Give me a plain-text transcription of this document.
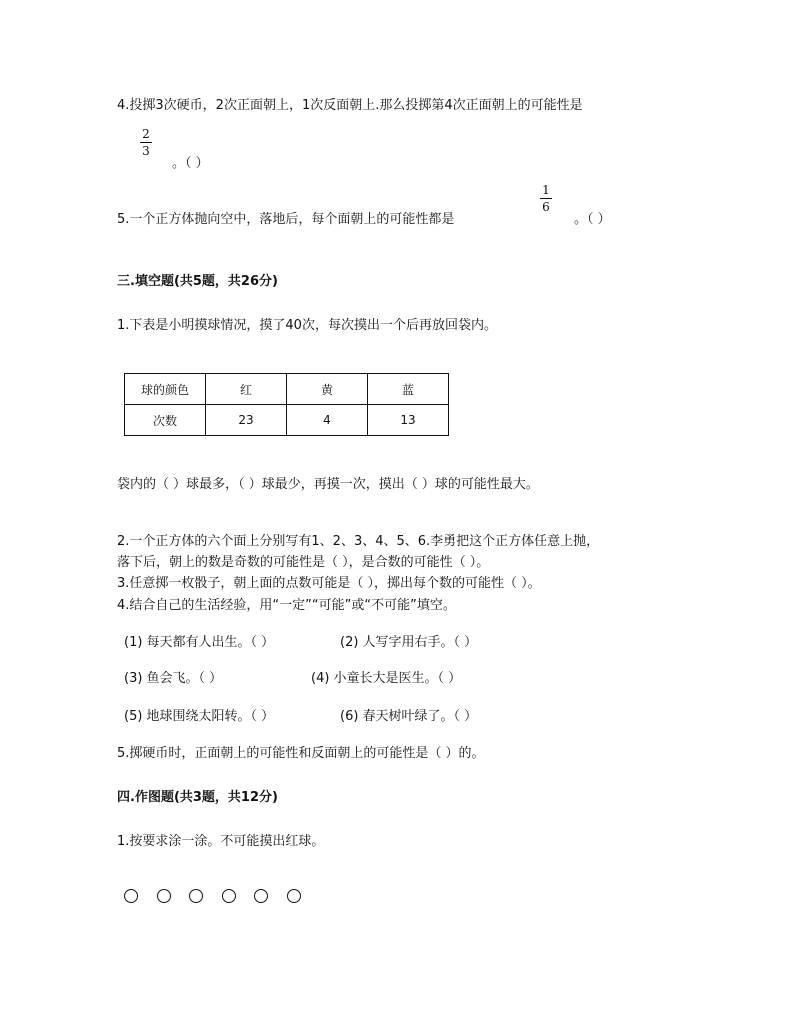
4.投掷3次硬币，2次正面朝上，1次反面朝上.那么投掷第4次正面朝上的可能性是
2
3
。（ ）
5.一个正方体抛向空中，落地后，每个面朝上的可能性都是
1
6
。（ ）
三.填空题(共5题，共26分)
1.下表是小明摸球情况，摸了40次，每次摸出一个后再放回袋内。
球的颜色	红	黄	蓝
次数	23	4	13
袋内的（ ）球最多，（ ）球最少，再摸一次，摸出（ ）球的可能性最大。
2.一个正方体的六个面上分别写有1、2、3、4、5、6.李勇把这个正方体任意上抛，
落下后，朝上的数是奇数的可能性是（ ），是合数的可能性（ ）。
3.任意掷一枚骰子，朝上面的点数可能是（ ），掷出每个数的可能性（ ）。
4.结合自己的生活经验，用“一定”“可能”或“不可能”填空。
(1) 每天都有人出生。（ ）	(2) 人写字用右手。（ ）
(3) 鱼会飞。（ ）	(4) 小童长大是医生。（ ）
(5) 地球围绕太阳转。（ ）	(6) 春天树叶绿了。（ ）
5.掷硬币时，正面朝上的可能性和反面朝上的可能性是（ ）的。
四.作图题(共3题，共12分)
1.按要求涂一涂。不可能摸出红球。
